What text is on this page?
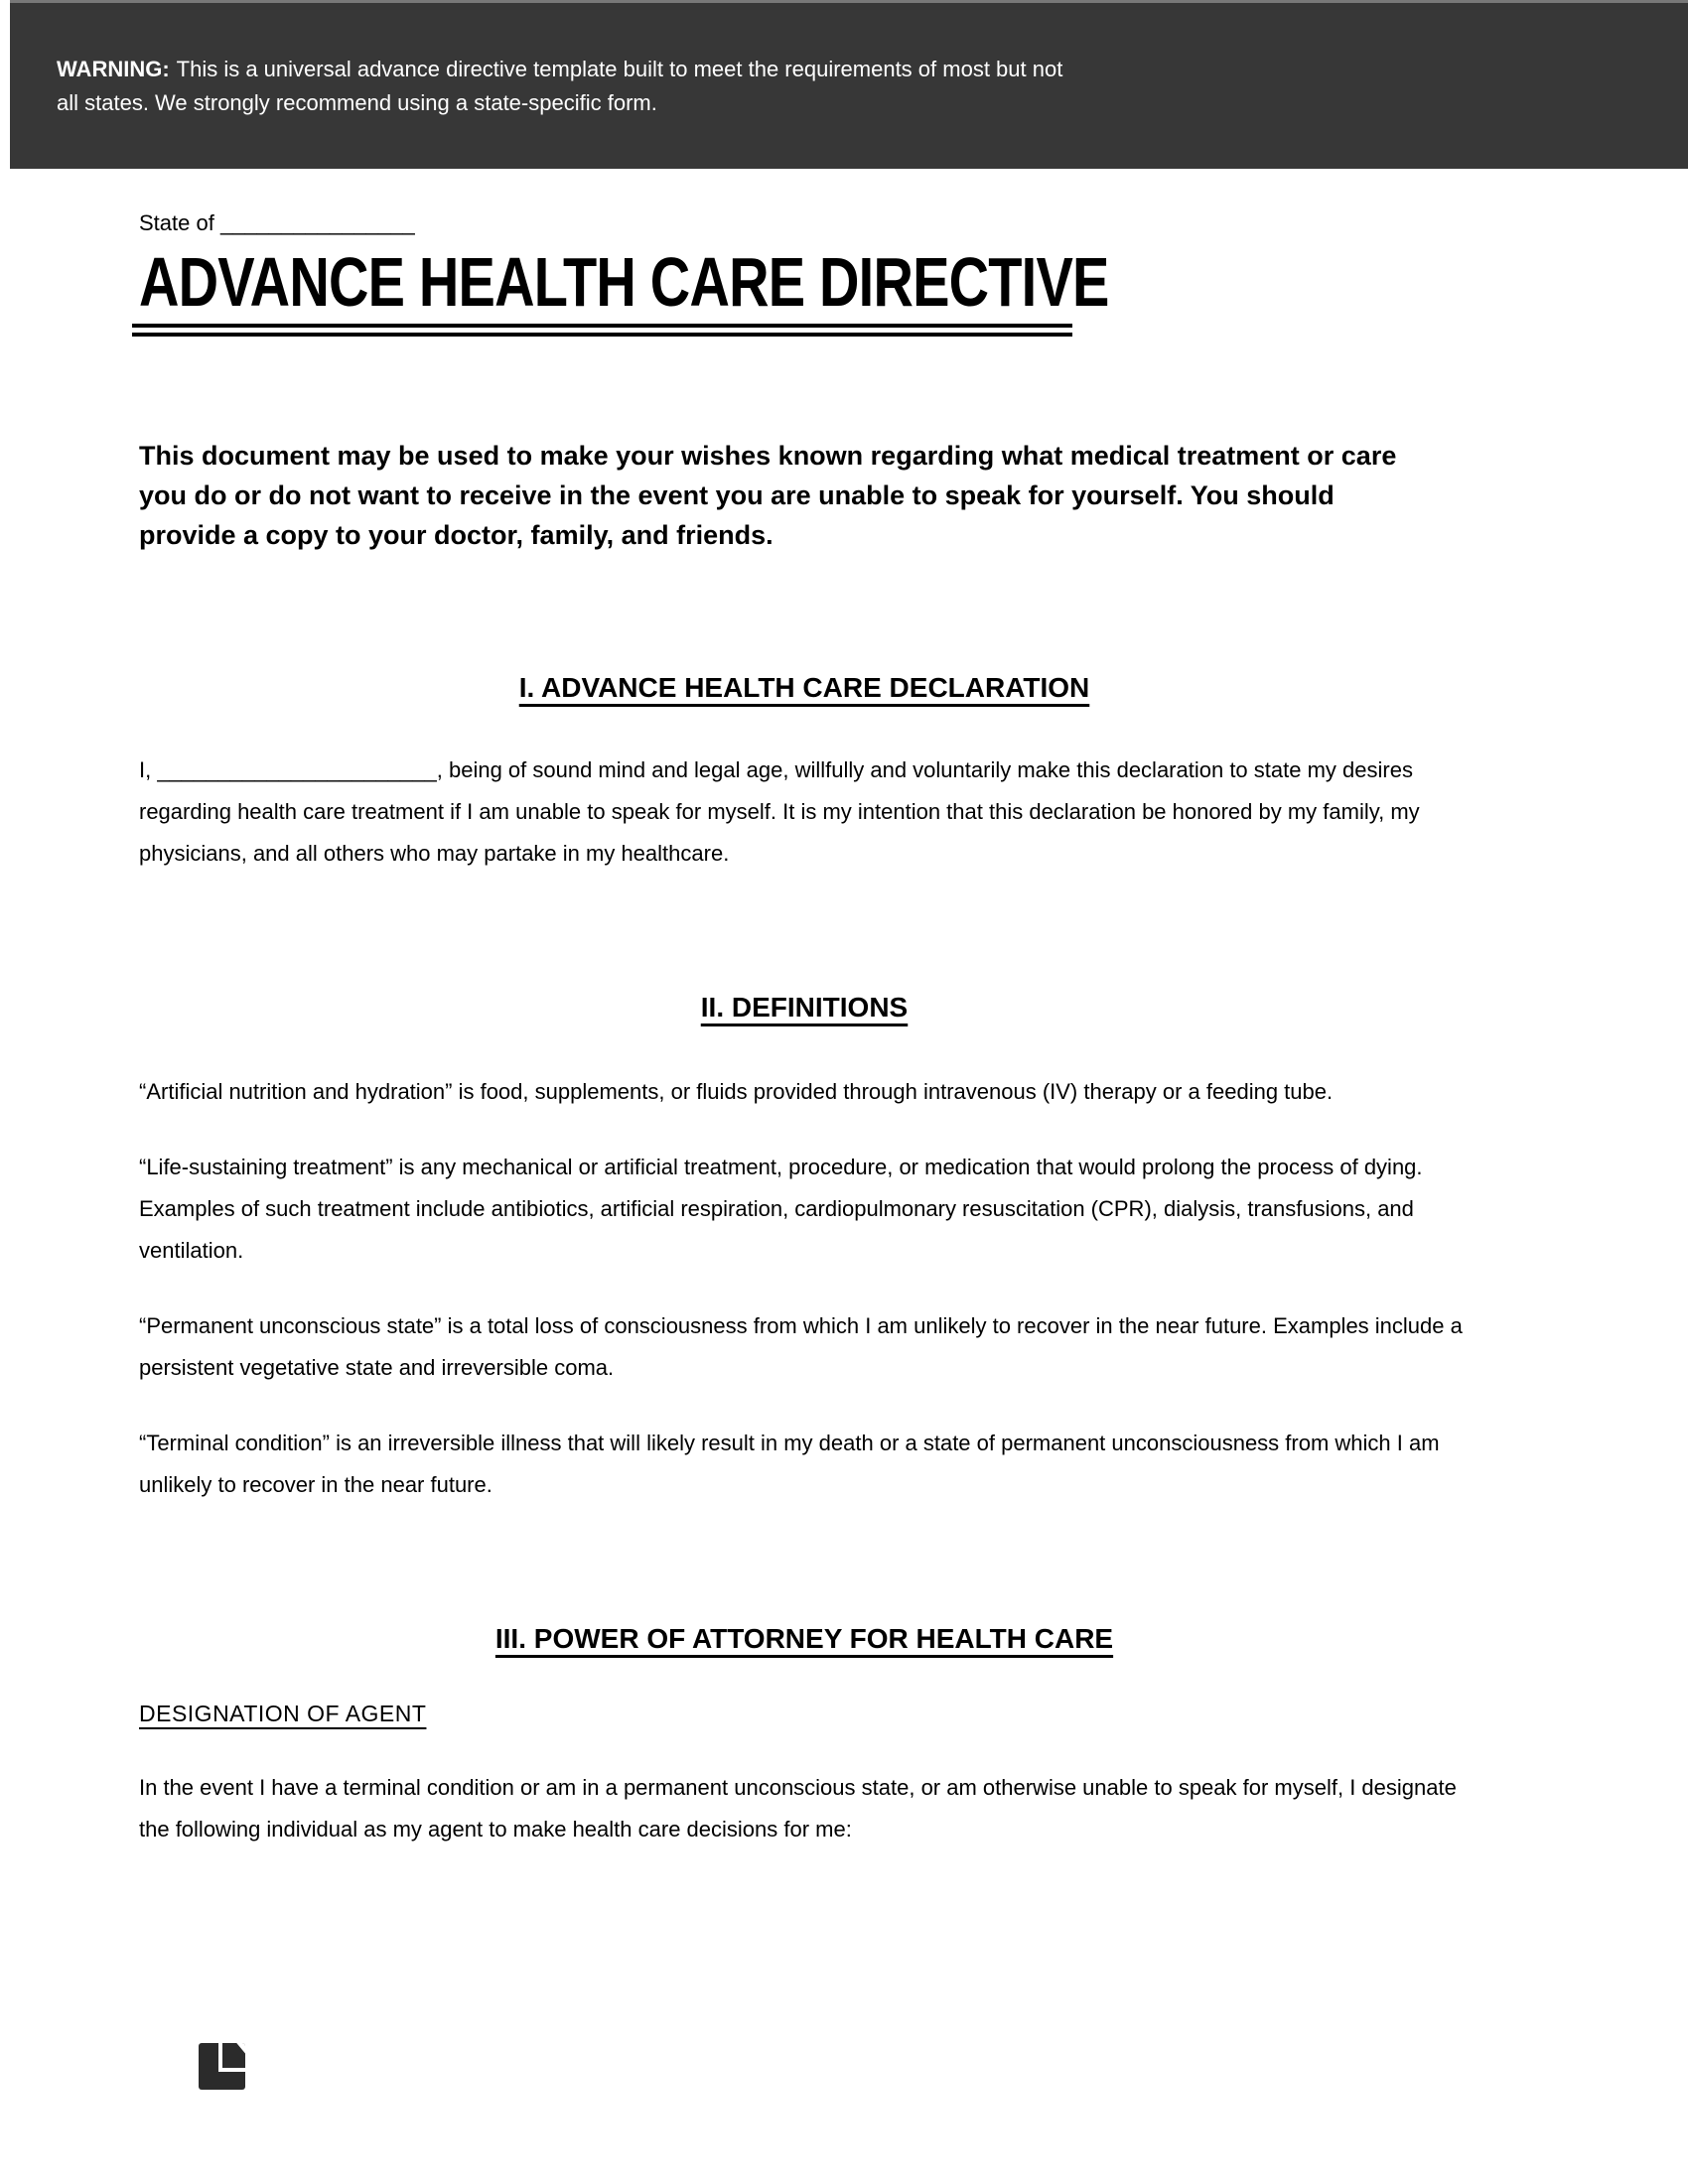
WARNING: This is a universal advance directive template built to meet the requirements of most but not
all states. We strongly recommend using a state-specific form.
State of ________________
ADVANCE HEALTH CARE DIRECTIVE
This document may be used to make your wishes known regarding what medical treatment or care you do or do not want to receive in the event you are unable to speak for yourself. You should provide a copy to your doctor, family, and friends.
I. ADVANCE HEALTH CARE DECLARATION
I, _______________________, being of sound mind and legal age, willfully and voluntarily make this declaration to state my desires regarding health care treatment if I am unable to speak for myself. It is my intention that this declaration be honored by my family, my physicians, and all others who may partake in my healthcare.
II. DEFINITIONS
“Artificial nutrition and hydration” is food, supplements, or fluids provided through intravenous (IV) therapy or a feeding tube.
“Life-sustaining treatment” is any mechanical or artificial treatment, procedure, or medication that would prolong the process of dying. Examples of such treatment include antibiotics, artificial respiration, cardiopulmonary resuscitation (CPR), dialysis, transfusions, and ventilation.
“Permanent unconscious state” is a total loss of consciousness from which I am unlikely to recover in the near future. Examples include a persistent vegetative state and irreversible coma.
“Terminal condition” is an irreversible illness that will likely result in my death or a state of permanent unconsciousness from which I am unlikely to recover in the near future.
III. POWER OF ATTORNEY FOR HEALTH CARE
DESIGNATION OF AGENT
In the event I have a terminal condition or am in a permanent unconscious state, or am otherwise unable to speak for myself, I designate the following individual as my agent to make health care decisions for me:
